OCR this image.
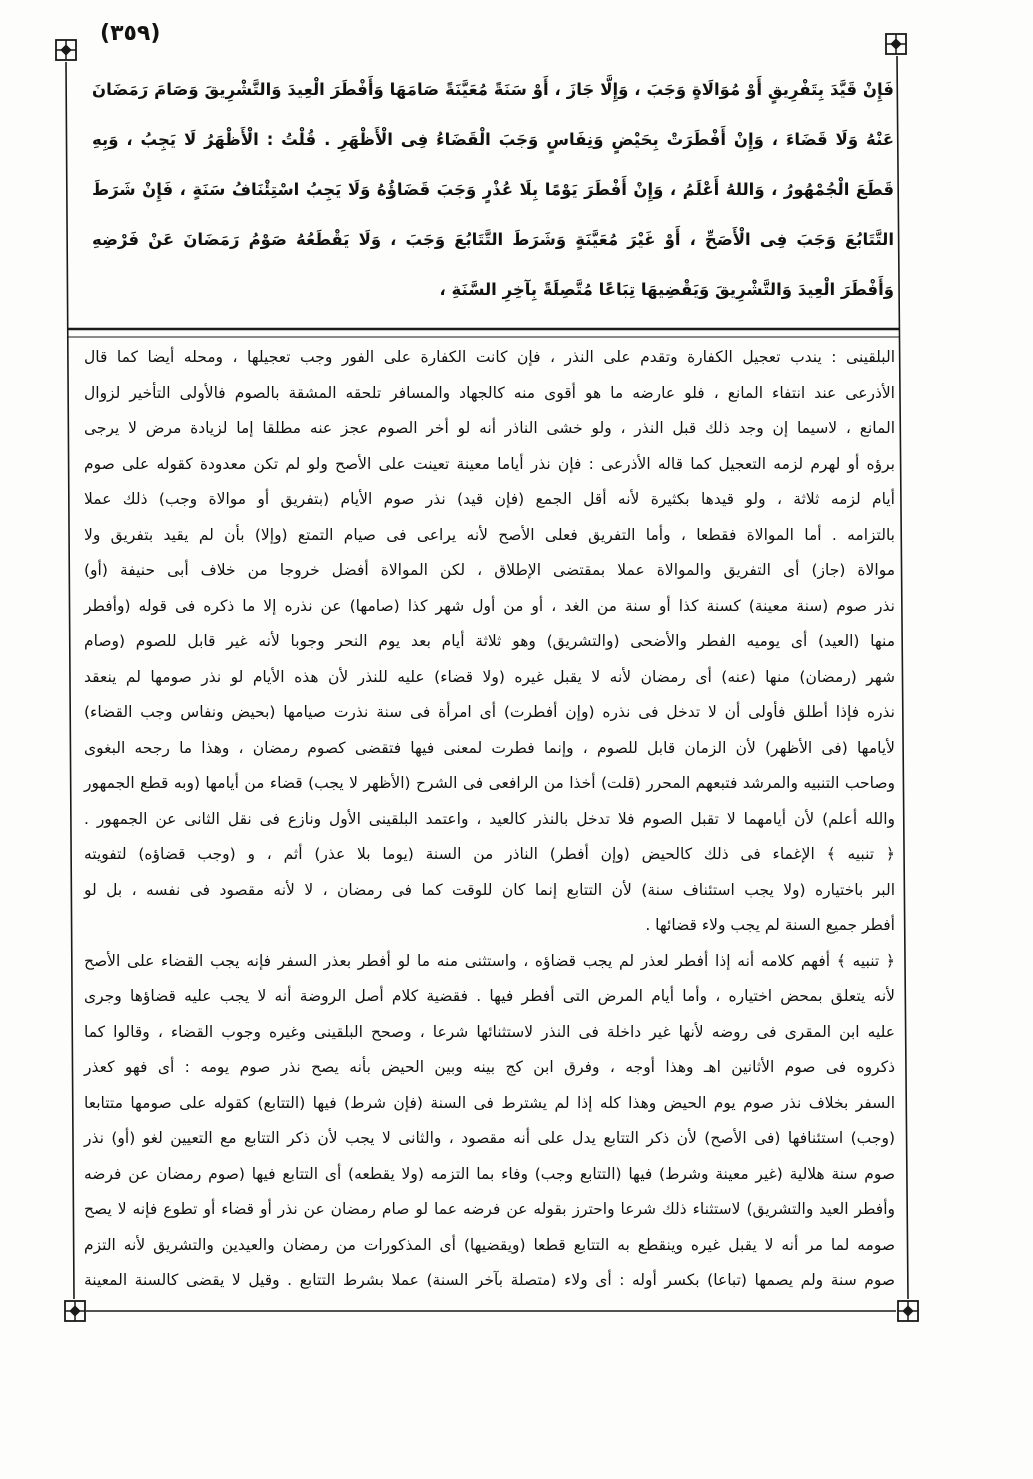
(٣٥٩)
فَإِنْ قَيَّدَ بِتَفْرِيقٍ أَوْ مُوَالَاةٍ وَجَبَ ، وَإِلَّا جَازَ ، أَوْ سَنَةً مُعَيَّنَةً صَامَهَا وَأَفْطَرَ الْعِيدَ وَالتَّشْرِيقَ وَصَامَ رَمَضَانَ
عَنْهُ وَلَا قَضَاءَ ، وَإِنْ أَفْطَرَتْ بِحَيْضٍ وَنِفَاسٍ وَجَبَ الْقَضَاءُ فِى الْأَظْهَرِ . قُلْتُ : الْأَظْهَرُ لَا يَجِبُ ، وَبِهِ
قَطَعَ الْجُمْهُورُ ، وَاللهُ أَعْلَمُ ، وَإِنْ أَفْطَرَ يَوْمًا بِلَا عُذْرٍ وَجَبَ قَضَاؤُهُ وَلَا يَجِبُ اسْتِئْنَافُ سَنَةٍ ، فَإِنْ شَرَطَ
التَّتَابُعَ وَجَبَ فِى الْأَصَحِّ ، أَوْ غَيْرَ مُعَيَّنَةٍ وَشَرَطَ التَّتَابُعَ وَجَبَ ، وَلَا يَقْطَعُهُ صَوْمُ رَمَضَانَ عَنْ فَرْضِهِ
وَأَفْطَرَ الْعِيدَ وَالتَّشْرِيقَ وَيَقْضِيهَا تِبَاعًا مُتَّصِلَةً بِآخِرِ السَّنَةِ ،
البلقينى : يندب تعجيل الكفارة وتقدم على النذر ، فإن كانت الكفارة على الفور وجب تعجيلها ، ومحله أيضا كما قال
الأذرعى عند انتفاء المانع ، فلو عارضه ما هو أقوى منه كالجهاد والمسافر تلحقه المشقة بالصوم فالأولى التأخير لزوال
المانع ، لاسيما إن وجد ذلك قبل النذر ، ولو خشى الناذر أنه لو أخر الصوم عجز عنه مطلقا إما لزيادة مرض لا يرجى
برؤه أو لهرم لزمه التعجيل كما قاله الأذرعى : فإن نذر أياما معينة تعينت على الأصح ولو لم تكن معدودة كقوله على صوم
أيام لزمه ثلاثة ، ولو قيدها بكثيرة لأنه أقل الجمع (فإن قيد) نذر صوم الأيام (بتفريق أو موالاة وجب) ذلك عملا
بالتزامه . أما الموالاة فقطعا ، وأما التفريق فعلى الأصح لأنه يراعى فى صيام التمتع (وإلا) بأن لم يقيد بتفريق ولا
موالاة (جاز) أى التفريق والموالاة عملا بمقتضى الإطلاق ، لكن الموالاة أفضل خروجا من خلاف أبى حنيفة (أو)
نذر صوم (سنة معينة) كسنة كذا أو سنة من الغد ، أو من أول شهر كذا (صامها) عن نذره إلا ما ذكره فى قوله (وأفطر
منها (العيد) أى يوميه الفطر والأضحى (والتشريق) وهو ثلاثة أيام بعد يوم النحر وجوبا لأنه غير قابل للصوم (وصام
شهر (رمضان) منها (عنه) أى رمضان لأنه لا يقبل غيره (ولا قضاء) عليه للنذر لأن هذه الأيام لو نذر صومها لم ينعقد
نذره فإذا أطلق فأولى أن لا تدخل فى نذره (وإن أفطرت) أى امرأة فى سنة نذرت صيامها (بحيض ونفاس وجب القضاء)
لأيامها (فى الأظهر) لأن الزمان قابل للصوم ، وإنما فطرت لمعنى فيها فتقضى كصوم رمضان ، وهذا ما رجحه البغوى
وصاحب التنبيه والمرشد فتبعهم المحرر (قلت) أخذا من الرافعى فى الشرح (الأظهر لا يجب) قضاء من أيامها (وبه قطع الجمهور
والله أعلم) لأن أيامهما لا تقبل الصوم فلا تدخل بالنذر كالعيد ، واعتمد البلقينى الأول ونازع فى نقل الثانى عن الجمهور .
﴿ تنبيه ﴾ الإغماء فى ذلك كالحيض (وإن أفطر) الناذر من السنة (يوما بلا عذر) أثم ، و (وجب قضاؤه) لتفويته
البر باختياره (ولا يجب استئناف سنة) لأن التتابع إنما كان للوقت كما فى رمضان ، لا لأنه مقصود فى نفسه ، بل لو
أفطر جميع السنة لم يجب ولاء قضائها .
﴿ تنبيه ﴾ أفهم كلامه أنه إذا أفطر لعذر لم يجب قضاؤه ، واستثنى منه ما لو أفطر بعذر السفر فإنه يجب القضاء على الأصح
لأنه يتعلق بمحض اختياره ، وأما أيام المرض التى أفطر فيها . فقضية كلام أصل الروضة أنه لا يجب عليه قضاؤها وجرى
عليه ابن المقرى فى روضه لأنها غير داخلة فى النذر لاستثنائها شرعا ، وصحح البلقينى وغيره وجوب القضاء ، وقالوا كما
ذكروه فى صوم الأثانين اهـ وهذا أوجه ، وفرق ابن كج بينه وبين الحيض بأنه يصح نذر صوم يومه : أى فهو كعذر
السفر بخلاف نذر صوم يوم الحيض وهذا كله إذا لم يشترط فى السنة (فإن شرط) فيها (التتابع) كقوله على صومها متتابعا
(وجب) استئنافها (فى الأصح) لأن ذكر التتابع يدل على أنه مقصود ، والثانى لا يجب لأن ذكر التتابع مع التعيين لغو (أو) نذر
صوم سنة هلالية (غير معينة وشرط) فيها (التتابع وجب) وفاء بما التزمه (ولا يقطعه) أى التتابع فيها (صوم رمضان عن فرضه
وأفطر العيد والتشريق) لاستثناء ذلك شرعا واحترز بقوله عن فرضه عما لو صام رمضان عن نذر أو قضاء أو تطوع فإنه لا يصح
صومه لما مر أنه لا يقبل غيره وينقطع به التتابع قطعا (ويقضيها) أى المذكورات من رمضان والعيدين والتشريق لأنه التزم
صوم سنة ولم يصمها (تباعا) بكسر أوله : أى ولاء (متصلة بآخر السنة) عملا بشرط التتابع . وقيل لا يقضى كالسنة المعينة
